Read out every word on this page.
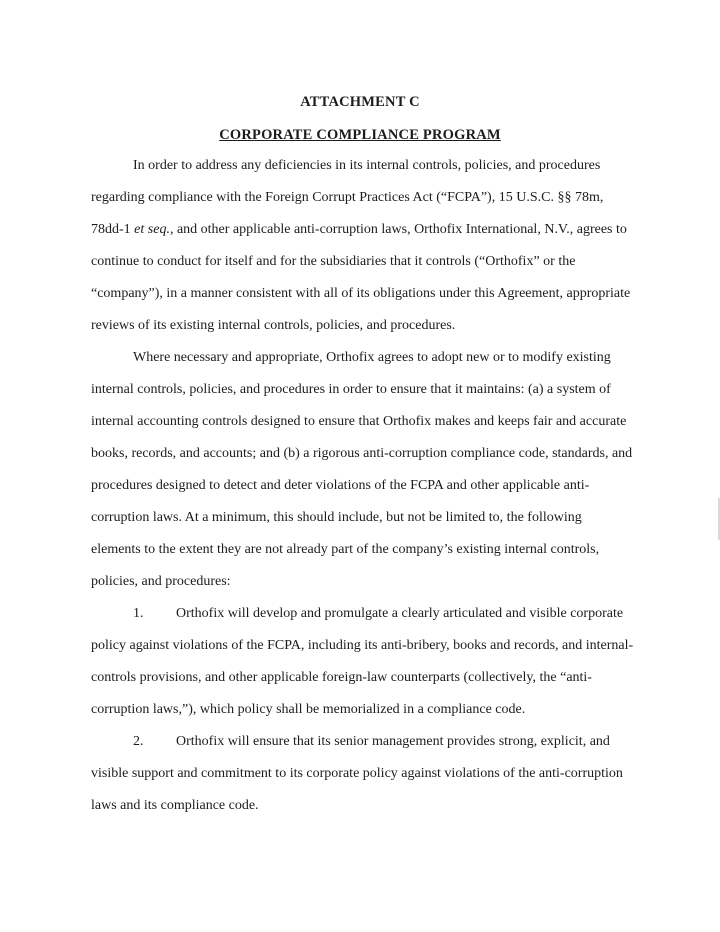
ATTACHMENT C
CORPORATE COMPLIANCE PROGRAM
In order to address any deficiencies in its internal controls, policies, and procedures
regarding compliance with the Foreign Corrupt Practices Act (“FCPA”), 15 U.S.C. §§ 78m,
78dd-1 et seq., and other applicable anti-corruption laws, Orthofix International, N.V., agrees to
continue to conduct for itself and for the subsidiaries that it controls (“Orthofix” or the
“company”), in a manner consistent with all of its obligations under this Agreement, appropriate
reviews of its existing internal controls, policies, and procedures.
Where necessary and appropriate, Orthofix agrees to adopt new or to modify existing
internal controls, policies, and procedures in order to ensure that it maintains: (a) a system of
internal accounting controls designed to ensure that Orthofix makes and keeps fair and accurate
books, records, and accounts; and (b) a rigorous anti-corruption compliance code, standards, and
procedures designed to detect and deter violations of the FCPA and other applicable anti-
corruption laws. At a minimum, this should include, but not be limited to, the following
elements to the extent they are not already part of the company’s existing internal controls,
policies, and procedures:
1. Orthofix will develop and promulgate a clearly articulated and visible corporate
policy against violations of the FCPA, including its anti-bribery, books and records, and internal-
controls provisions, and other applicable foreign-law counterparts (collectively, the “anti-
corruption laws,”), which policy shall be memorialized in a compliance code.
2. Orthofix will ensure that its senior management provides strong, explicit, and
visible support and commitment to its corporate policy against violations of the anti-corruption
laws and its compliance code.
